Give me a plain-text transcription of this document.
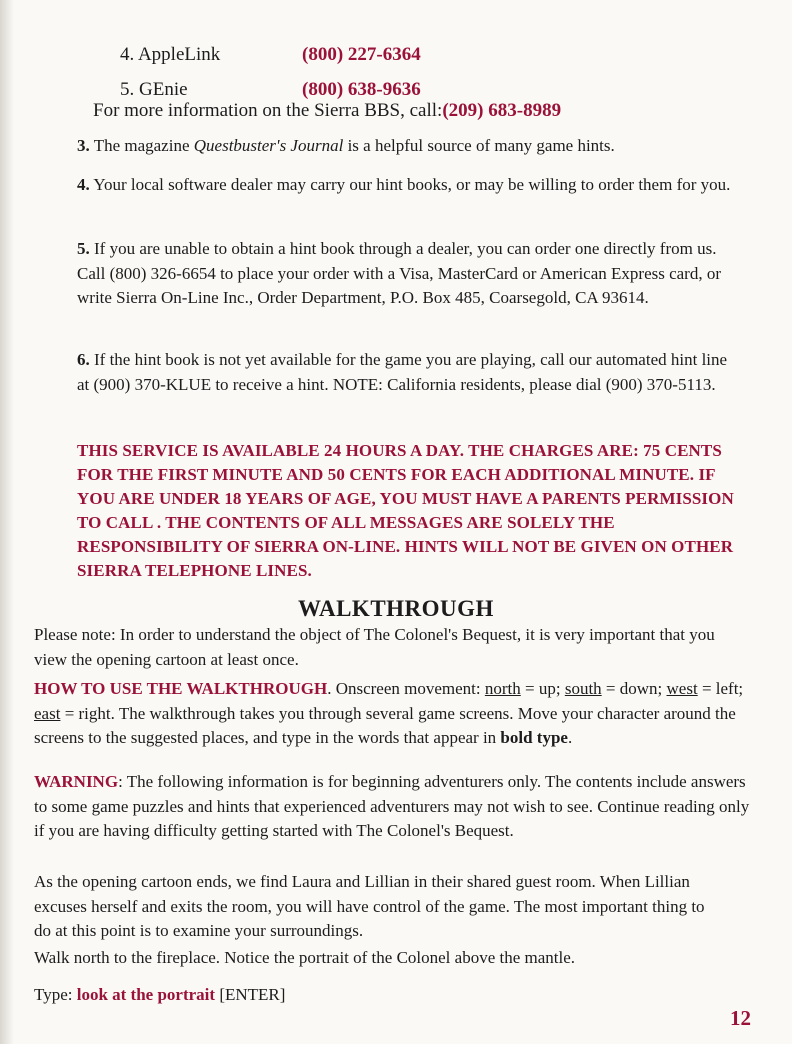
4. AppleLink	(800) 227-6364
5. GEnie	(800) 638-9636
For more information on the Sierra BBS, call:(209) 683-8989
3. The magazine Questbuster's Journal is a helpful source of many game hints.
4. Your local software dealer may carry our hint books, or may be willing to order them for you.
5. If you are unable to obtain a hint book through a dealer, you can order one directly from us. Call (800) 326-6654 to place your order with a Visa, MasterCard or American Express card, or write Sierra On-Line Inc., Order Department, P.O. Box 485, Coarsegold, CA 93614.
6. If the hint book is not yet available for the game you are playing, call our automated hint line at (900) 370-KLUE to receive a hint. NOTE: California residents, please dial (900) 370-5113.
THIS SERVICE IS AVAILABLE 24 HOURS A DAY. THE CHARGES ARE: 75 CENTS FOR THE FIRST MINUTE AND 50 CENTS FOR EACH ADDITIONAL MINUTE. IF YOU ARE UNDER 18 YEARS OF AGE, YOU MUST HAVE A PARENTS PERMISSION TO CALL . THE CONTENTS OF ALL MESSAGES ARE SOLELY THE RESPONSIBILITY OF SIERRA ON-LINE. HINTS WILL NOT BE GIVEN ON OTHER SIERRA TELEPHONE LINES.
WALKTHROUGH
Please note: In order to understand the object of The Colonel's Bequest, it is very important that you view the opening cartoon at least once.
HOW TO USE THE WALKTHROUGH. Onscreen movement: north = up; south = down; west = left; east = right. The walkthrough takes you through several game screens. Move your character around the screens to the suggested places, and type in the words that appear in bold type.
WARNING: The following information is for beginning adventurers only. The contents include answers to some game puzzles and hints that experienced adventurers may not wish to see. Continue reading only if you are having difficulty getting started with The Colonel's Bequest.
As the opening cartoon ends, we find Laura and Lillian in their shared guest room. When Lillian excuses herself and exits the room, you will have control of the game. The most important thing to do at this point is to examine your surroundings.
Walk north to the fireplace. Notice the portrait of the Colonel above the mantle.
Type: look at the portrait [ENTER]
12
